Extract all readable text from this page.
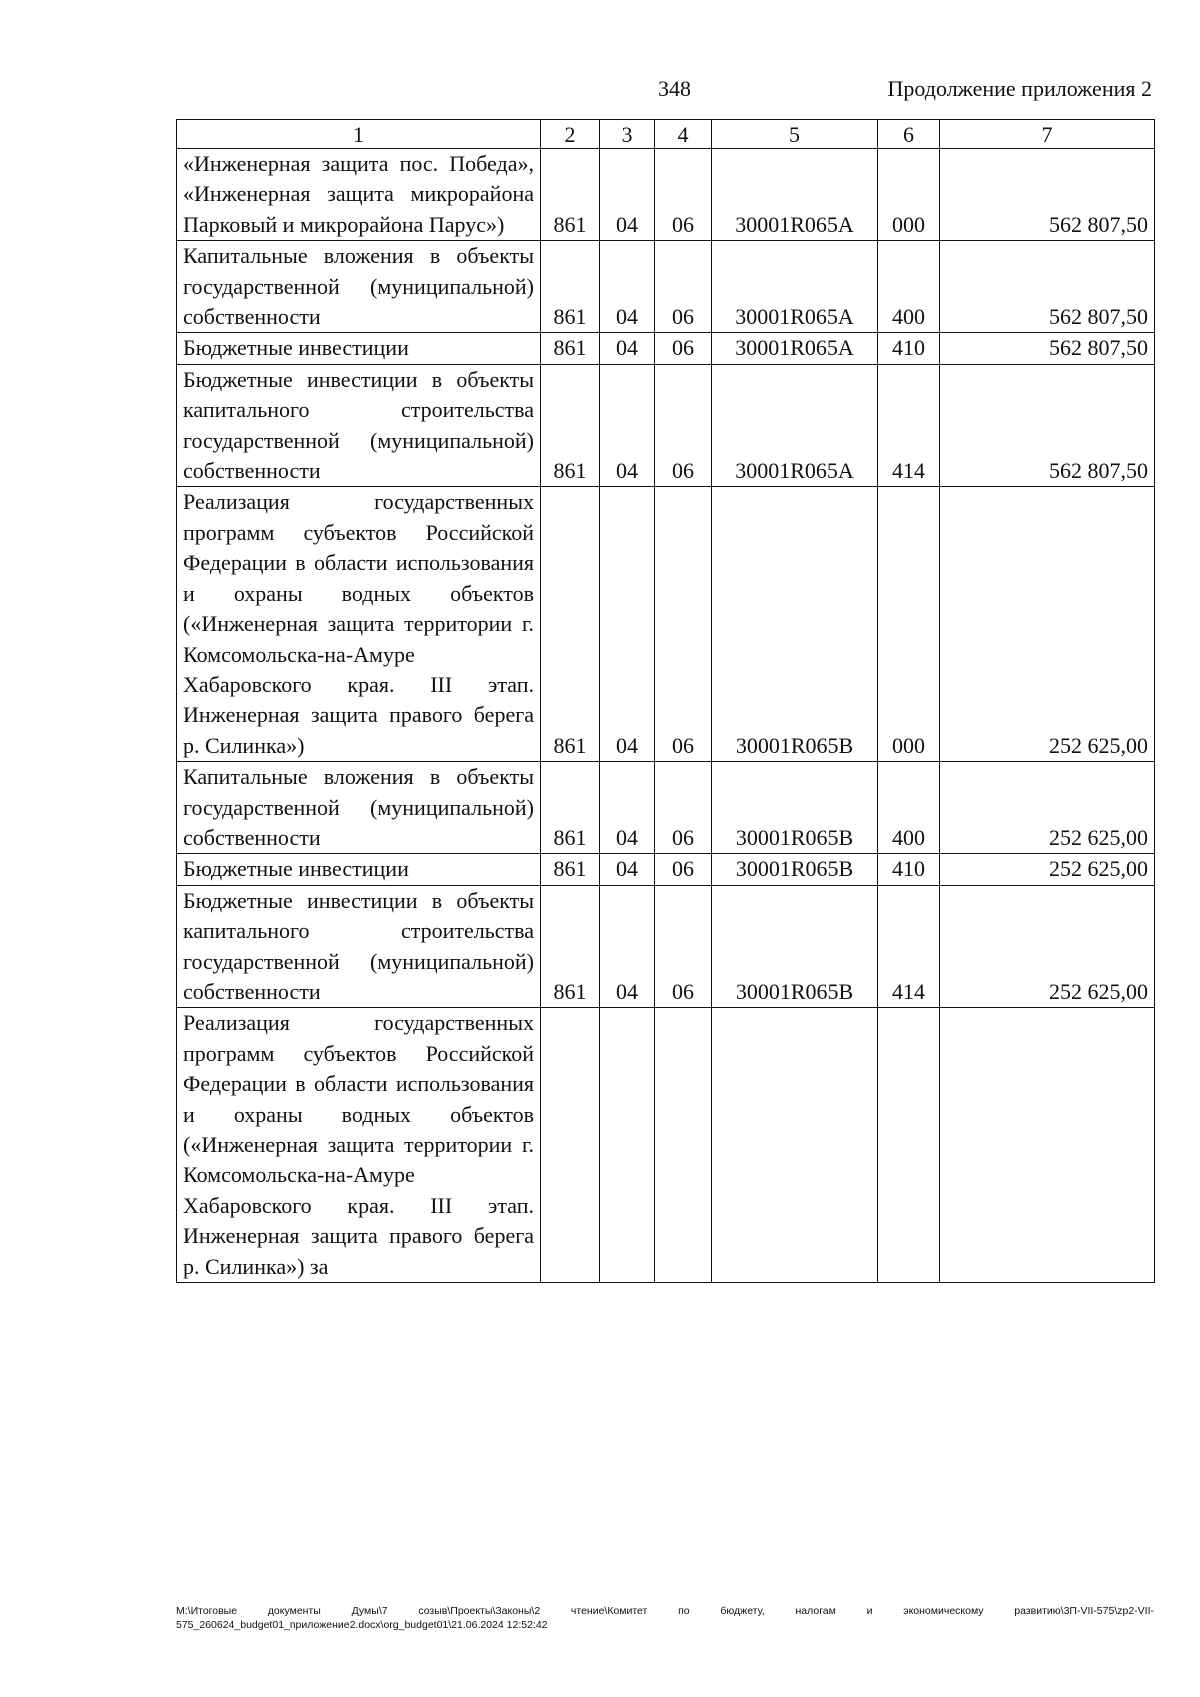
348	Продолжение приложения 2
1	2	3	4	5	6	7
«Инженерная защита пос. Победа», «Инженерная защита микрорайона Парковый и микрорайона Парус»)	861	04	06	30001R065A	000	562 807,50
Капитальные вложения в объекты государственной (муниципальной) собственности	861	04	06	30001R065A	400	562 807,50
Бюджетные инвестиции	861	04	06	30001R065A	410	562 807,50
Бюджетные инвестиции в объекты капитального строительства государственной (муниципальной) собственности	861	04	06	30001R065A	414	562 807,50
Реализация государственных программ субъектов Российской Федерации в области использования и охраны водных объектов («Инженерная защита территории г. Комсомольска-на-Амуре Хабаровского края. III этап. Инженерная защита правого берега р. Силинка»)	861	04	06	30001R065B	000	252 625,00
Капитальные вложения в объекты государственной (муниципальной) собственности	861	04	06	30001R065B	400	252 625,00
Бюджетные инвестиции	861	04	06	30001R065B	410	252 625,00
Бюджетные инвестиции в объекты капитального строительства государственной (муниципальной) собственности	861	04	06	30001R065B	414	252 625,00
Реализация государственных программ субъектов Российской Федерации в области использования и охраны водных объектов («Инженерная защита территории г. Комсомольска-на-Амуре Хабаровского края. III этап. Инженерная защита правого берега р. Силинка») за						
M:\Итоговые документы Думы\7 созыв\Проекты\Законы\2 чтение\Комитет по бюджету, налогам и экономическому развитию\3П-VII-575\zp2-VII-575_260624_budget01_приложение2.docx\org_budget01\21.06.2024 12:52:42
